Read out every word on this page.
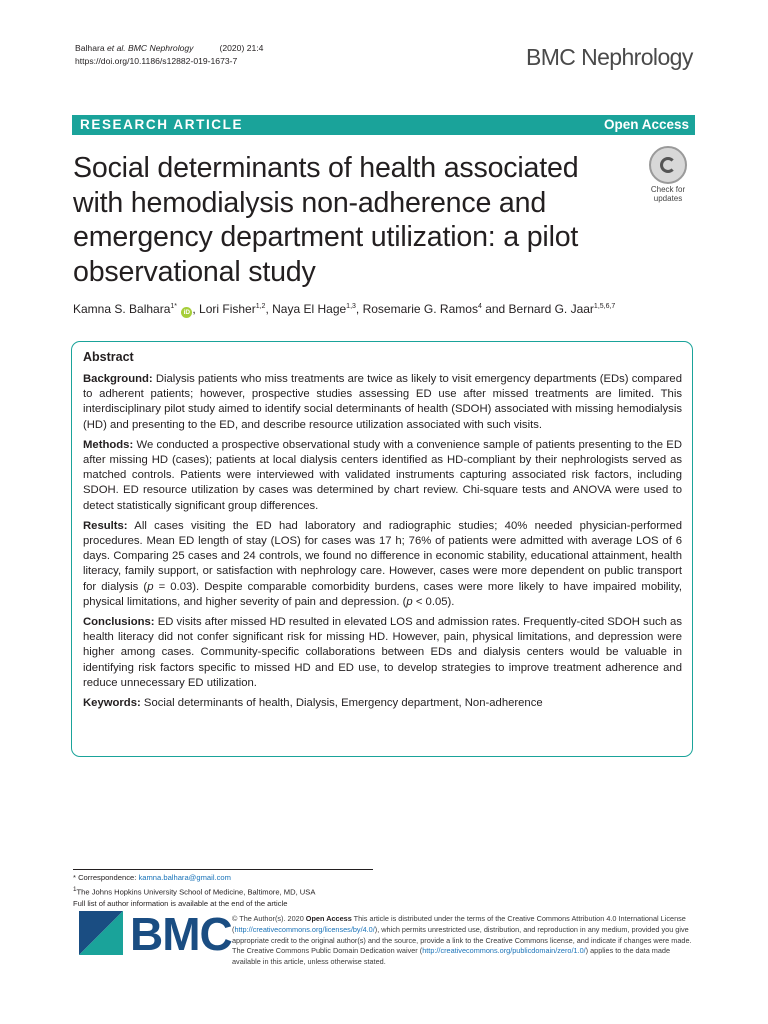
Balhara et al. BMC Nephrology	(2020) 21:4
https://doi.org/10.1186/s12882-019-1673-7	BMC Nephrology
RESEARCH ARTICLE	Open Access
Social determinants of health associated with hemodialysis non-adherence and emergency department utilization: a pilot observational study
Check for
updates
Kamna S. Balhara$^{1*}$ iD , Lori Fisher$^{1,2}$, Naya El Hage$^{1,3}$, Rosemarie G. Ramos$^4$ and Bernard G. Jaar$^{1,5,6,7}$
Abstract

Background: Dialysis patients who miss treatments are twice as likely to visit emergency departments (EDs) compared to adherent patients; however, prospective studies assessing ED use after missed treatments are limited. This interdisciplinary pilot study aimed to identify social determinants of health (SDOH) associated with missing hemodialysis (HD) and presenting to the ED, and describe resource utilization associated with such visits.

Methods: We conducted a prospective observational study with a convenience sample of patients presenting to the ED after missing HD (cases); patients at local dialysis centers identified as HD-compliant by their nephrologists served as matched controls. Patients were interviewed with validated instruments capturing associated risk factors, including SDOH. ED resource utilization by cases was determined by chart review. Chi-square tests and ANOVA were used to detect statistically significant group differences.

Results: All cases visiting the ED had laboratory and radiographic studies; 40% needed physician-performed procedures. Mean ED length of stay (LOS) for cases was 17 h; 76% of patients were admitted with average LOS of 6 days. Comparing 25 cases and 24 controls, we found no difference in economic stability, educational attainment, health literacy, family support, or satisfaction with nephrology care. However, cases were more dependent on public transport for dialysis (p = 0.03). Despite comparable comorbidity burdens, cases were more likely to have impaired mobility, physical limitations, and higher severity of pain and depression. (p < 0.05).

Conclusions: ED visits after missed HD resulted in elevated LOS and admission rates. Frequently-cited SDOH such as health literacy did not confer significant risk for missing HD. However, pain, physical limitations, and depression were higher among cases. Community-specific collaborations between EDs and dialysis centers would be valuable in identifying risk factors specific to missed HD and ED use, to develop strategies to improve treatment adherence and reduce unnecessary ED utilization.

Keywords: Social determinants of health, Dialysis, Emergency department, Non-adherence

* Correspondence: kamna.balhara@gmail.com
$^1$The Johns Hopkins University School of Medicine, Baltimore, MD, USA
Full list of author information is available at the end of the article
BMC © The Author(s). 2020 Open Access This article is distributed under the terms of the Creative Commons Attribution 4.0 International License (http://creativecommons.org/licenses/by/4.0/), which permits unrestricted use, distribution, and reproduction in any medium, provided you give appropriate credit to the original author(s) and the source, provide a link to the Creative Commons license, and indicate if changes were made. The Creative Commons Public Domain Dedication waiver (http://creativecommons.org/publicdomain/zero/1.0/) applies to the data made available in this article, unless otherwise stated.
